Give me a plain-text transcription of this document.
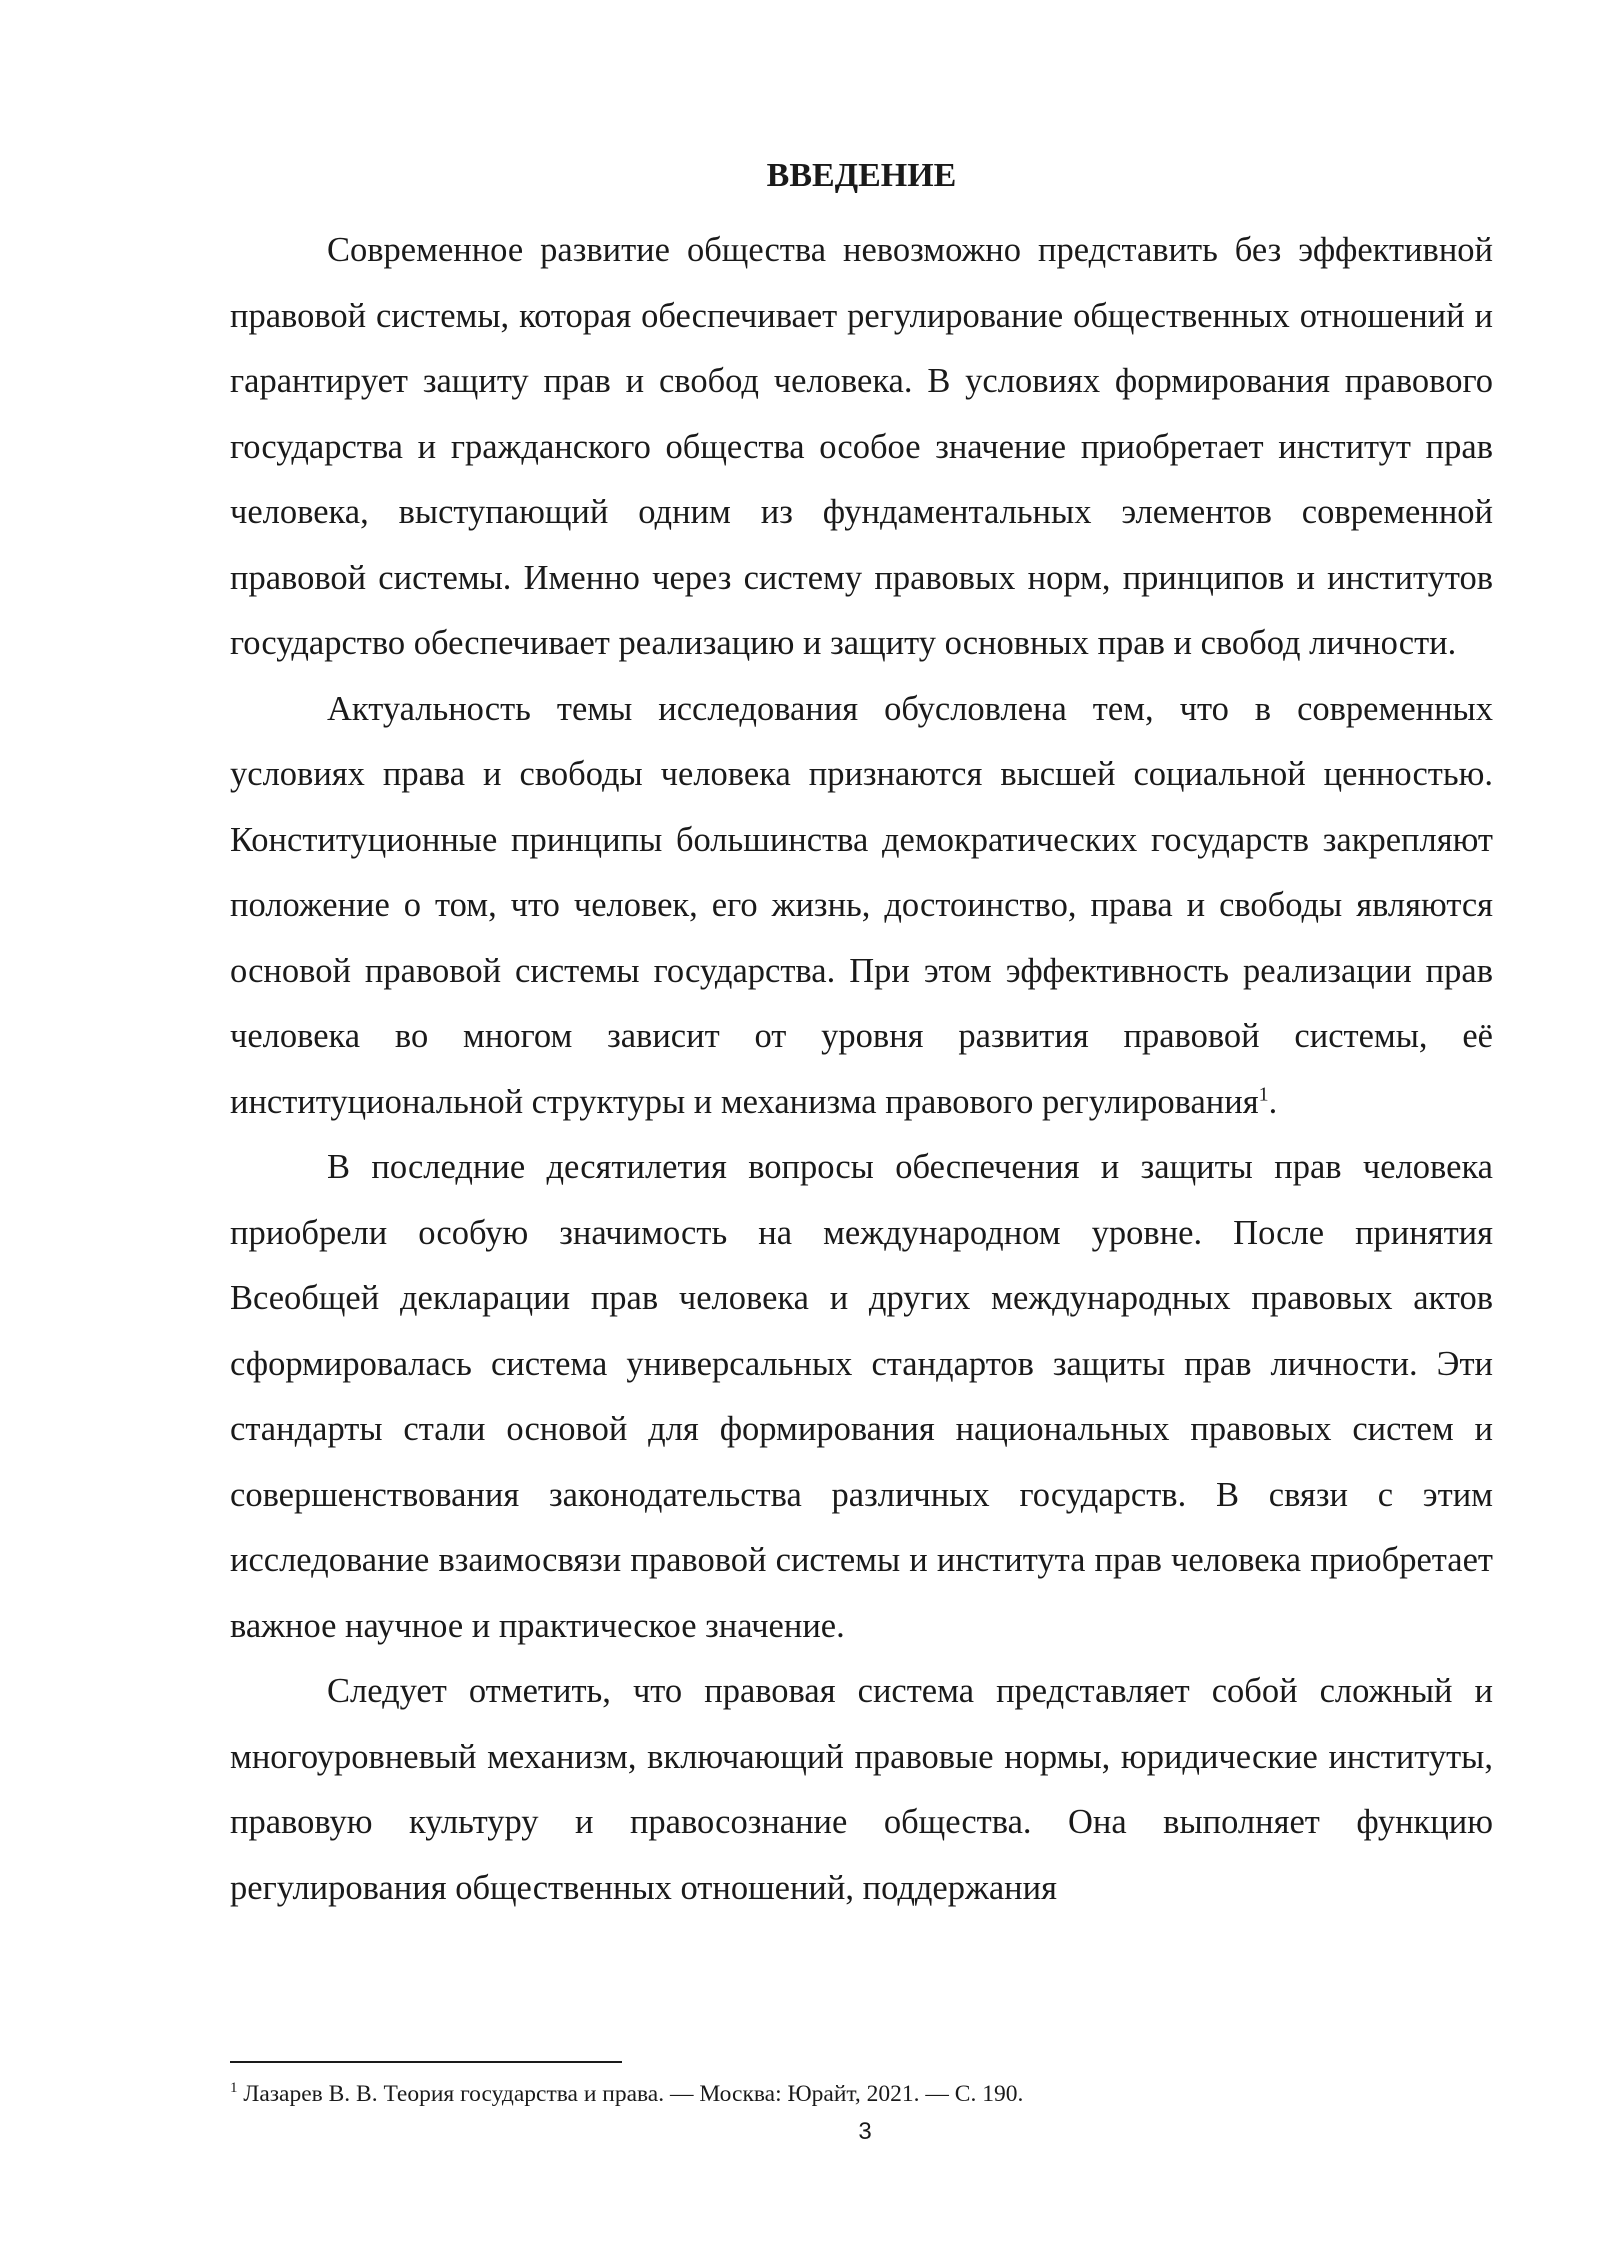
ВВЕДЕНИЕ

Современное развитие общества невозможно представить без эффективной правовой системы, которая обеспечивает регулирование общественных отношений и гарантирует защиту прав и свобод человека. В условиях формирования правового государства и гражданского общества особое значение приобретает институт прав человека, выступающий одним из фундаментальных элементов современной правовой системы. Именно через систему правовых норм, принципов и институтов государство обеспечивает реализацию и защиту основных прав и свобод личности.

Актуальность темы исследования обусловлена тем, что в современных условиях права и свободы человека признаются высшей социальной ценностью. Конституционные принципы большинства демократических государств закрепляют положение о том, что человек, его жизнь, достоинство, права и свободы являются основой правовой системы государства. При этом эффективность реализации прав человека во многом зависит от уровня развития правовой системы, её институциональной структуры и механизма правового регулирования$^1$.

В последние десятилетия вопросы обеспечения и защиты прав человека приобрели особую значимость на международном уровне. После принятия Всеобщей декларации прав человека и других международных правовых актов сформировалась система универсальных стандартов защиты прав личности. Эти стандарты стали основой для формирования национальных правовых систем и совершенствования законодательства различных государств. В связи с этим исследование взаимосвязи правовой системы и института прав человека приобретает важное научное и практическое значение.

Следует отметить, что правовая система представляет собой сложный и многоуровневый механизм, включающий правовые нормы, юридические институты, правовую культуру и правосознание общества. Она выполняет функцию регулирования общественных отношений, поддержания

$^1$ Лазарев В. В. Теория государства и права. — Москва: Юрайт, 2021. — С. 190.

3
